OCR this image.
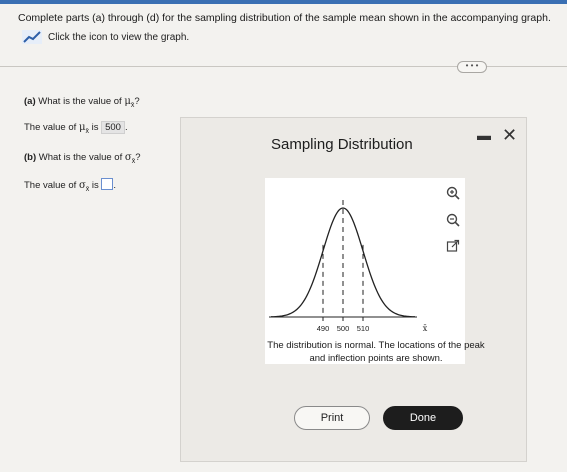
Complete parts (a) through (d) for the sampling distribution of the sample mean shown in the accompanying graph.
Click the icon to view the graph.
• • •
(a) What is the value of $\mu_{x̄}$?
The value of $\mu_{x̄}$ is 500 .
(b) What is the value of $\sigma_{x̄}$?
The value of $\sigma_{x̄}$ is .
Sampling Distribution
▬ ✕
490 500 510	x̄
The distribution is normal. The locations of the peak and inflection points are shown.
Print	Done
